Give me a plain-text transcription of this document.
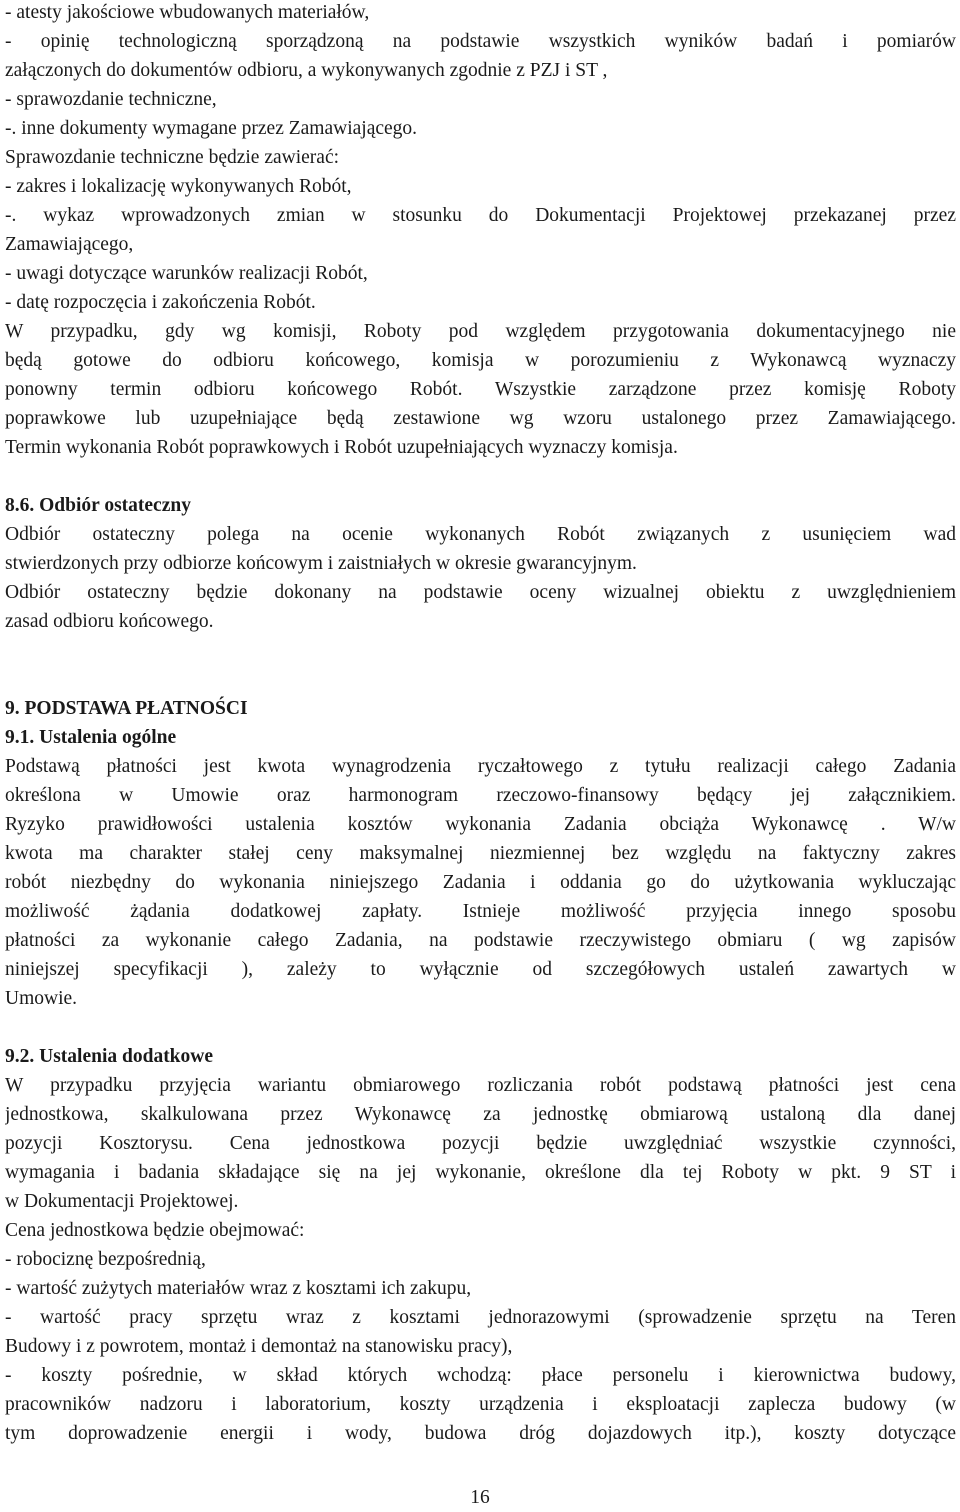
- atesty jakościowe wbudowanych materiałów,
- opinię technologiczną sporządzoną na podstawie wszystkich wyników badań i pomiarów
załączonych do dokumentów odbioru, a wykonywanych zgodnie z PZJ i ST ,
- sprawozdanie techniczne,
-. inne dokumenty wymagane przez Zamawiającego.
Sprawozdanie techniczne będzie zawierać:
- zakres i lokalizację wykonywanych Robót,
-. wykaz wprowadzonych zmian w stosunku do Dokumentacji Projektowej przekazanej przez
Zamawiającego,
- uwagi dotyczące warunków realizacji Robót,
- datę rozpoczęcia i zakończenia Robót.
W przypadku, gdy wg komisji, Roboty pod względem przygotowania dokumentacyjnego nie
będą gotowe do odbioru końcowego, komisja w porozumieniu z Wykonawcą wyznaczy
ponowny termin odbioru końcowego Robót. Wszystkie zarządzone przez komisję Roboty
poprawkowe lub uzupełniające będą zestawione wg wzoru ustalonego przez Zamawiającego.
Termin wykonania Robót poprawkowych i Robót uzupełniających wyznaczy komisja.
8.6. Odbiór ostateczny
Odbiór ostateczny polega na ocenie wykonanych Robót związanych z usunięciem wad
stwierdzonych przy odbiorze końcowym i zaistniałych w okresie gwarancyjnym.
Odbiór ostateczny będzie dokonany na podstawie oceny wizualnej obiektu z uwzględnieniem
zasad odbioru końcowego.
9. PODSTAWA PŁATNOŚCI
9.1. Ustalenia ogólne
Podstawą płatności jest kwota wynagrodzenia ryczałtowego z tytułu realizacji całego Zadania
określona w Umowie oraz harmonogram rzeczowo-finansowy będący jej załącznikiem.
Ryzyko prawidłowości ustalenia kosztów wykonania Zadania obciąża Wykonawcę . W/w
kwota ma charakter stałej ceny maksymalnej niezmiennej bez względu na faktyczny zakres
robót niezbędny do wykonania niniejszego Zadania i oddania go do użytkowania wykluczając
możliwość żądania dodatkowej zapłaty. Istnieje możliwość przyjęcia innego sposobu
płatności za wykonanie całego Zadania, na podstawie rzeczywistego obmiaru ( wg zapisów
niniejszej specyfikacji ), zależy to wyłącznie od szczegółowych ustaleń zawartych w
Umowie.
9.2. Ustalenia dodatkowe
W przypadku przyjęcia wariantu obmiarowego rozliczania robót podstawą płatności jest cena
jednostkowa, skalkulowana przez Wykonawcę za jednostkę obmiarową ustaloną dla danej
pozycji Kosztorysu. Cena jednostkowa pozycji będzie uwzględniać wszystkie czynności,
wymagania i badania składające się na jej wykonanie, określone dla tej Roboty w pkt. 9 ST i
w Dokumentacji Projektowej.
Cena jednostkowa będzie obejmować:
- robociznę bezpośrednią,
- wartość zużytych materiałów wraz z kosztami ich zakupu,
- wartość pracy sprzętu wraz z kosztami jednorazowymi (sprowadzenie sprzętu na Teren
Budowy i z powrotem, montaż i demontaż na stanowisku pracy),
- koszty pośrednie, w skład których wchodzą: płace personelu i kierownictwa budowy,
pracowników nadzoru i laboratorium, koszty urządzenia i eksploatacji zaplecza budowy (w
tym doprowadzenie energii i wody, budowa dróg dojazdowych itp.), koszty dotyczące
16
